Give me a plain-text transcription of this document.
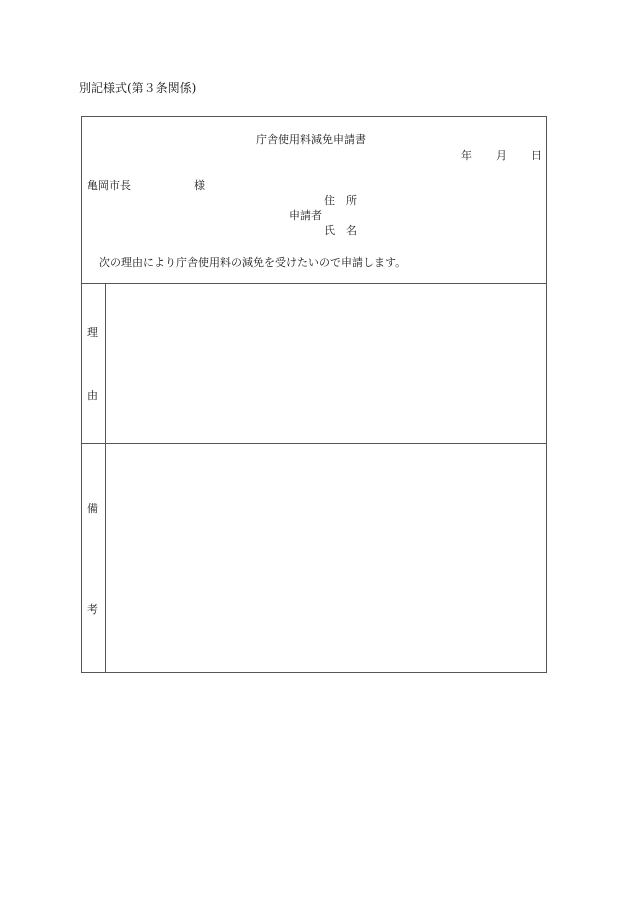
別記様式(第３条関係)
庁舎使用料減免申請書
年 月 日
亀岡市長	様
住　所
申請者
氏　名
次の理由により庁舎使用料の減免を受けたいので申請します。
理
由
備
考
